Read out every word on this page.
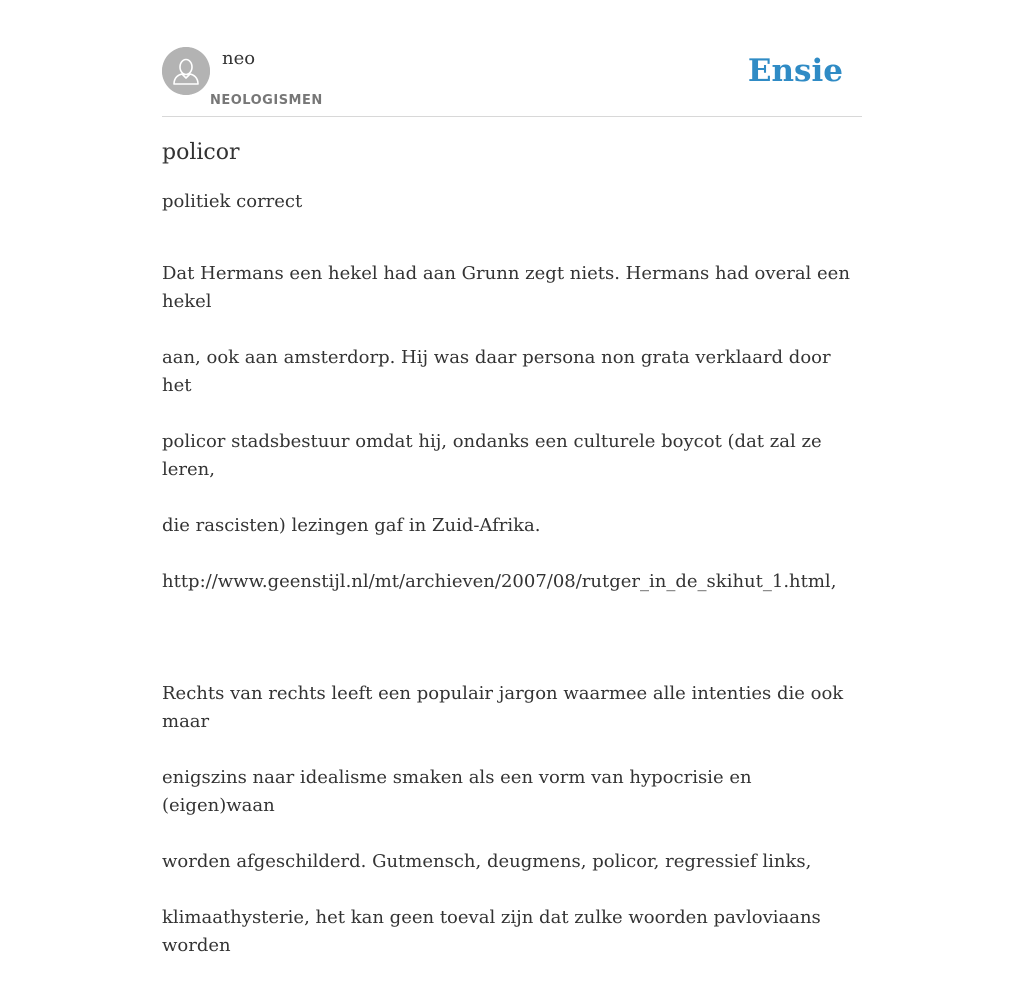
neo
NEOLOGISMEN
Ensie
policor

politiek correct

Dat Hermans een hekel had aan Grunn zegt niets. Hermans had overal een hekel

aan, ook aan amsterdorp. Hij was daar persona non grata verklaard door het

policor stadsbestuur omdat hij, ondanks een culturele boycot (dat zal ze leren,

die rascisten) lezingen gaf in Zuid-Afrika.

http://www.geenstijl.nl/mt/archieven/2007/08/rutger_in_de_skihut_1.html,

Rechts van rechts leeft een populair jargon waarmee alle intenties die ook maar

enigszins naar idealisme smaken als een vorm van hypocrisie en (eigen)waan

worden afgeschilderd. Gutmensch, deugmens, policor, regressief links,

klimaathysterie, het kan geen toeval zijn dat zulke woorden pavloviaans worden
